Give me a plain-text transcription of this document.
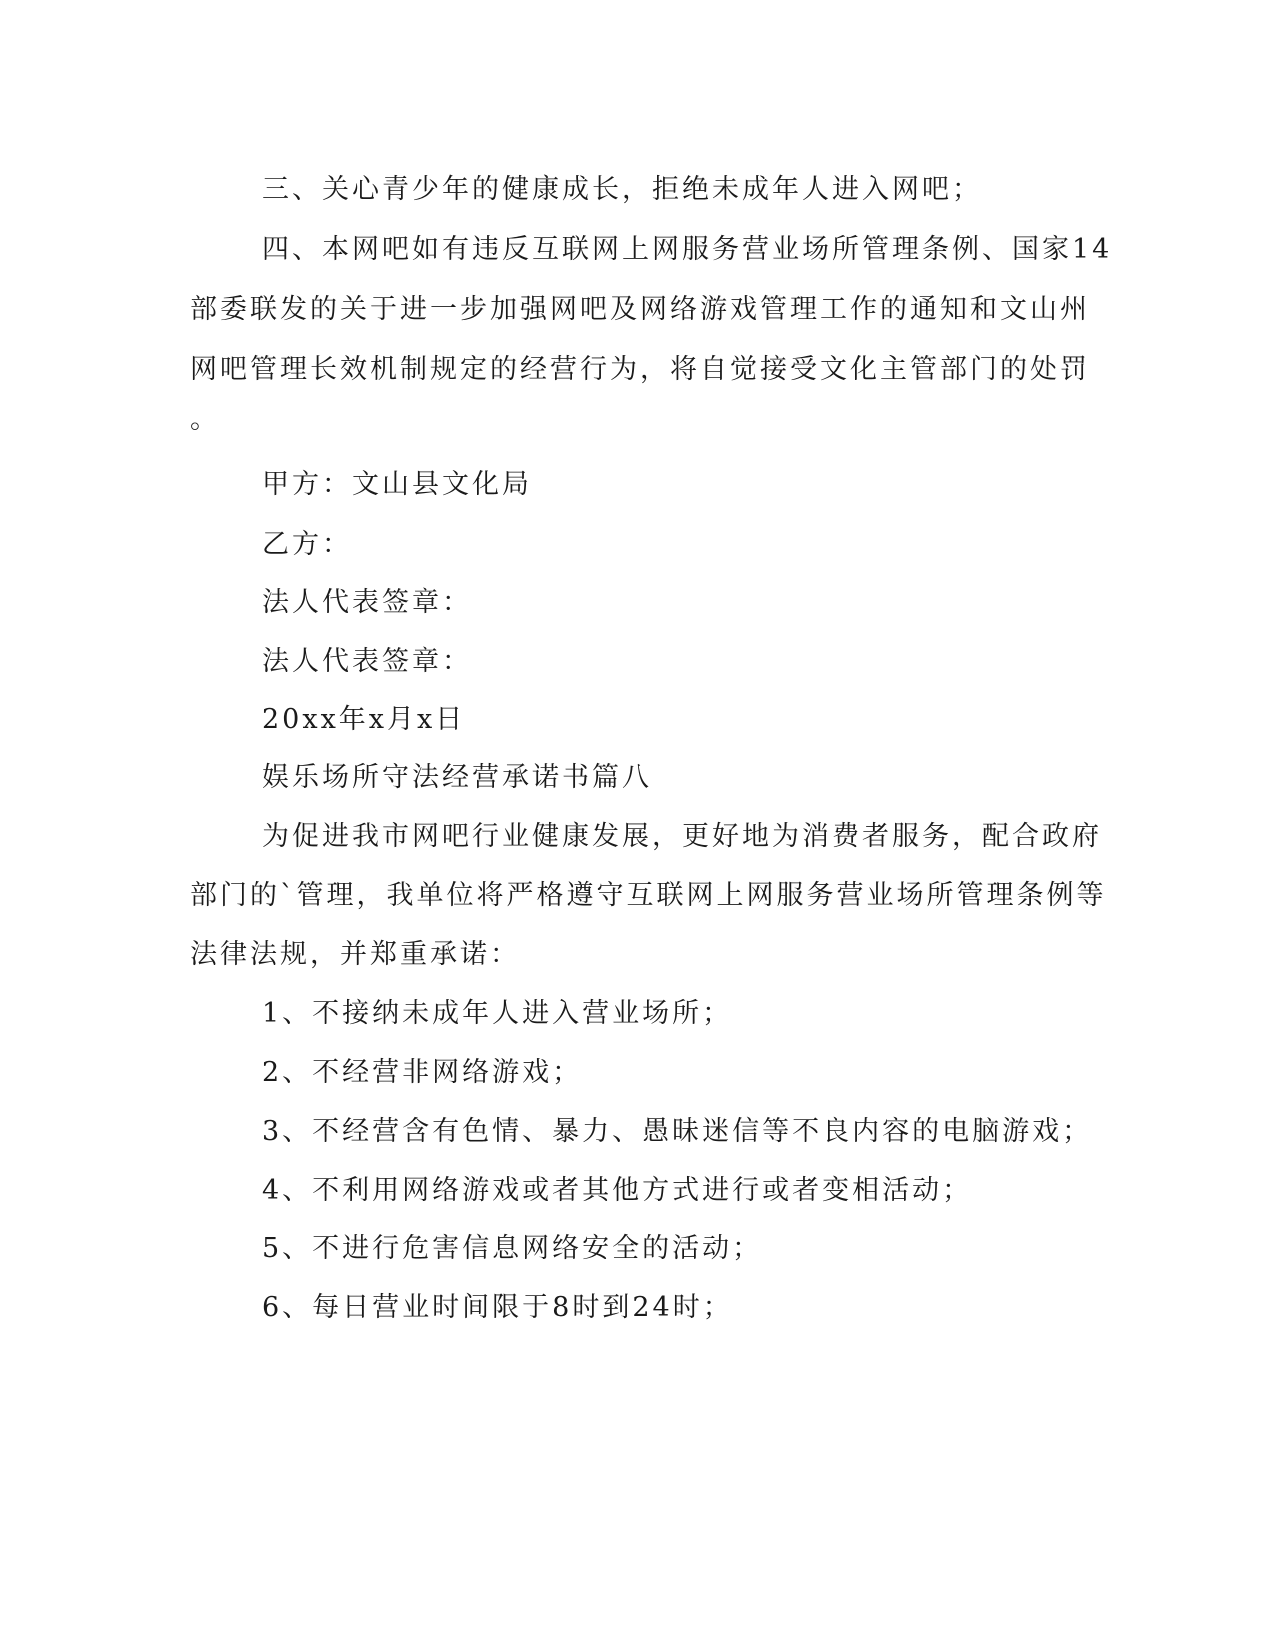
三、关心青少年的健康成长，拒绝未成年人进入网吧；
四、本网吧如有违反互联网上网服务营业场所管理条例、国家14
部委联发的关于进一步加强网吧及网络游戏管理工作的通知和文山州
网吧管理长效机制规定的经营行为，将自觉接受文化主管部门的处罚
。
甲方：文山县文化局
乙方：
法人代表签章：
法人代表签章：
20xx年x月x日
娱乐场所守法经营承诺书篇八
为促进我市网吧行业健康发展，更好地为消费者服务，配合政府
部门的`管理，我单位将严格遵守互联网上网服务营业场所管理条例等
法律法规，并郑重承诺：
1、不接纳未成年人进入营业场所；
2、不经营非网络游戏；
3、不经营含有色情、暴力、愚昧迷信等不良内容的电脑游戏；
4、不利用网络游戏或者其他方式进行或者变相活动；
5、不进行危害信息网络安全的活动；
6、每日营业时间限于8时到24时；
